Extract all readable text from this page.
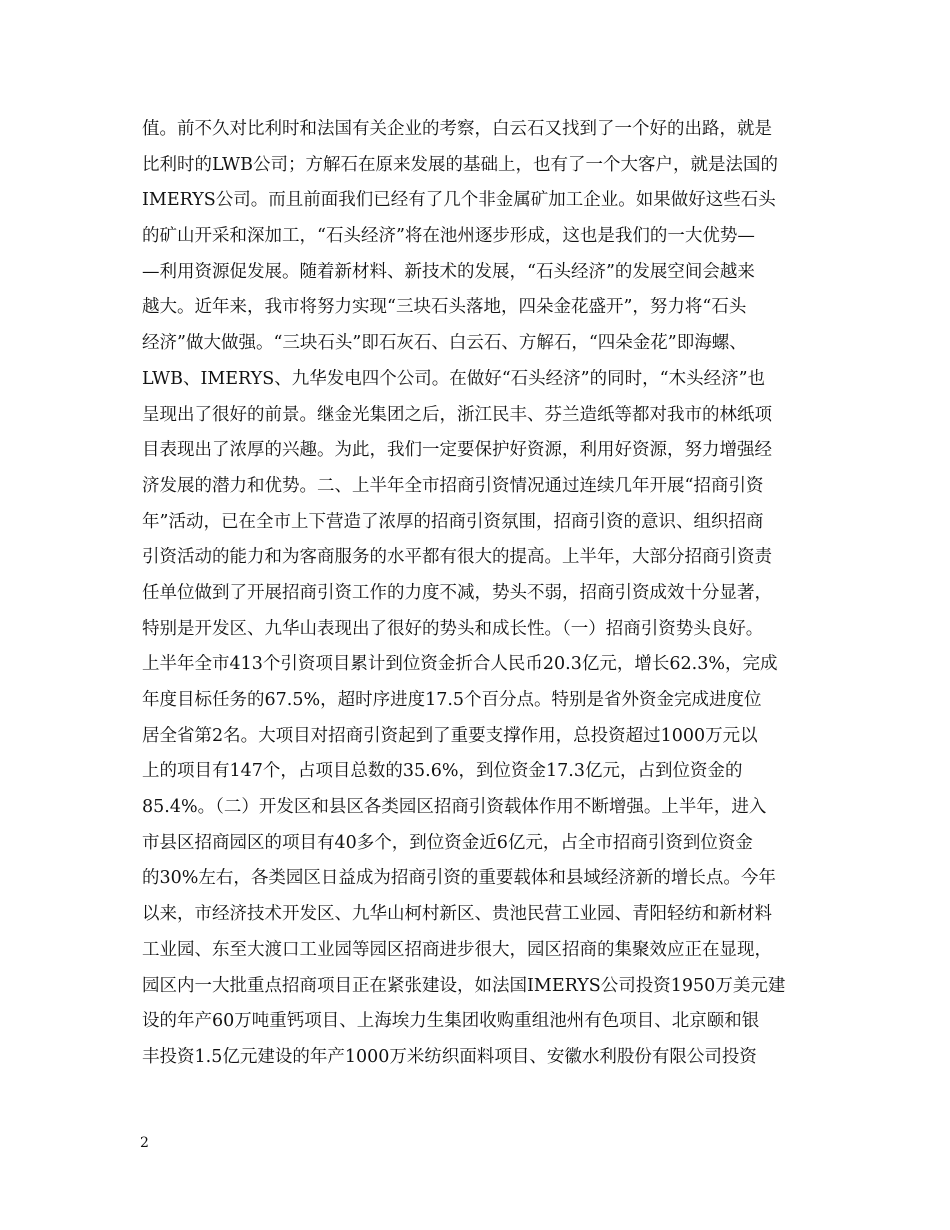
值。前不久对比利时和法国有关企业的考察，白云石又找到了一个好的出路，就是
比利时的LWB公司；方解石在原来发展的基础上，也有了一个大客户，就是法国的
IMERYS公司。而且前面我们已经有了几个非金属矿加工企业。如果做好这些石头
的矿山开采和深加工，“石头经济”将在池州逐步形成，这也是我们的一大优势—
—利用资源促发展。随着新材料、新技术的发展，“石头经济”的发展空间会越来
越大。近年来，我市将努力实现“三块石头落地，四朵金花盛开”，努力将“石头
经济”做大做强。“三块石头”即石灰石、白云石、方解石，“四朵金花”即海螺、
LWB、IMERYS、九华发电四个公司。在做好“石头经济”的同时，“木头经济”也
呈现出了很好的前景。继金光集团之后，浙江民丰、芬兰造纸等都对我市的林纸项
目表现出了浓厚的兴趣。为此，我们一定要保护好资源，利用好资源，努力增强经
济发展的潜力和优势。二、上半年全市招商引资情况通过连续几年开展“招商引资
年”活动，已在全市上下营造了浓厚的招商引资氛围，招商引资的意识、组织招商
引资活动的能力和为客商服务的水平都有很大的提高。上半年，大部分招商引资责
任单位做到了开展招商引资工作的力度不减，势头不弱，招商引资成效十分显著，
特别是开发区、九华山表现出了很好的势头和成长性。（一）招商引资势头良好。
上半年全市413个引资项目累计到位资金折合人民币20.3亿元，增长62.3%，完成
年度目标任务的67.5%，超时序进度17.5个百分点。特别是省外资金完成进度位
居全省第2名。大项目对招商引资起到了重要支撑作用，总投资超过1000万元以
上的项目有147个，占项目总数的35.6%，到位资金17.3亿元，占到位资金的
85.4%。（二）开发区和县区各类园区招商引资载体作用不断增强。上半年，进入
市县区招商园区的项目有40多个，到位资金近6亿元，占全市招商引资到位资金
的30%左右，各类园区日益成为招商引资的重要载体和县域经济新的增长点。今年
以来，市经济技术开发区、九华山柯村新区、贵池民营工业园、青阳轻纺和新材料
工业园、东至大渡口工业园等园区招商进步很大，园区招商的集聚效应正在显现，
园区内一大批重点招商项目正在紧张建设，如法国IMERYS公司投资1950万美元建
设的年产60万吨重钙项目、上海埃力生集团收购重组池州有色项目、北京颐和银
丰投资1.5亿元建设的年产1000万米纺织面料项目、安徽水利股份有限公司投资
2
